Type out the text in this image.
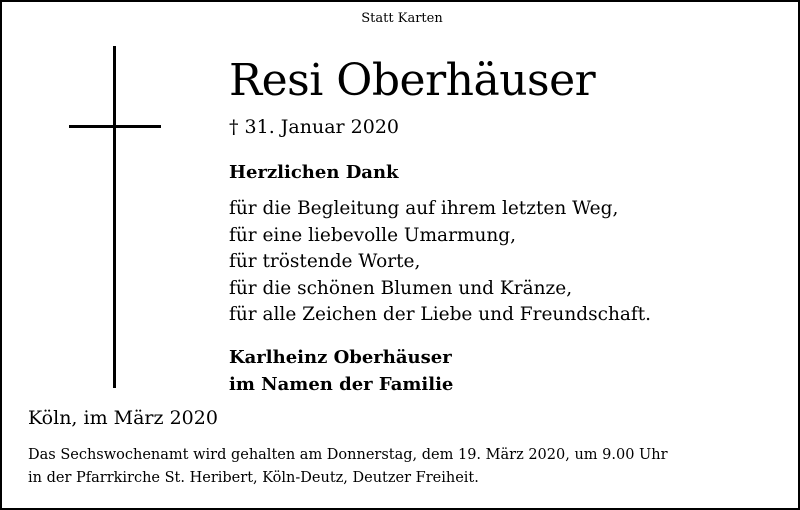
Statt Karten
Resi Oberhäuser
† 31. Januar 2020
Herzlichen Dank
für die Begleitung auf ihrem letzten Weg,
für eine liebevolle Umarmung,
für tröstende Worte,
für die schönen Blumen und Kränze,
für alle Zeichen der Liebe und Freundschaft.
Karlheinz Oberhäuser
im Namen der Familie
Köln, im März 2020
Das Sechswochenamt wird gehalten am Donnerstag, dem 19. März 2020, um 9.00 Uhr
in der Pfarrkirche St. Heribert, Köln-Deutz, Deutzer Freiheit.
